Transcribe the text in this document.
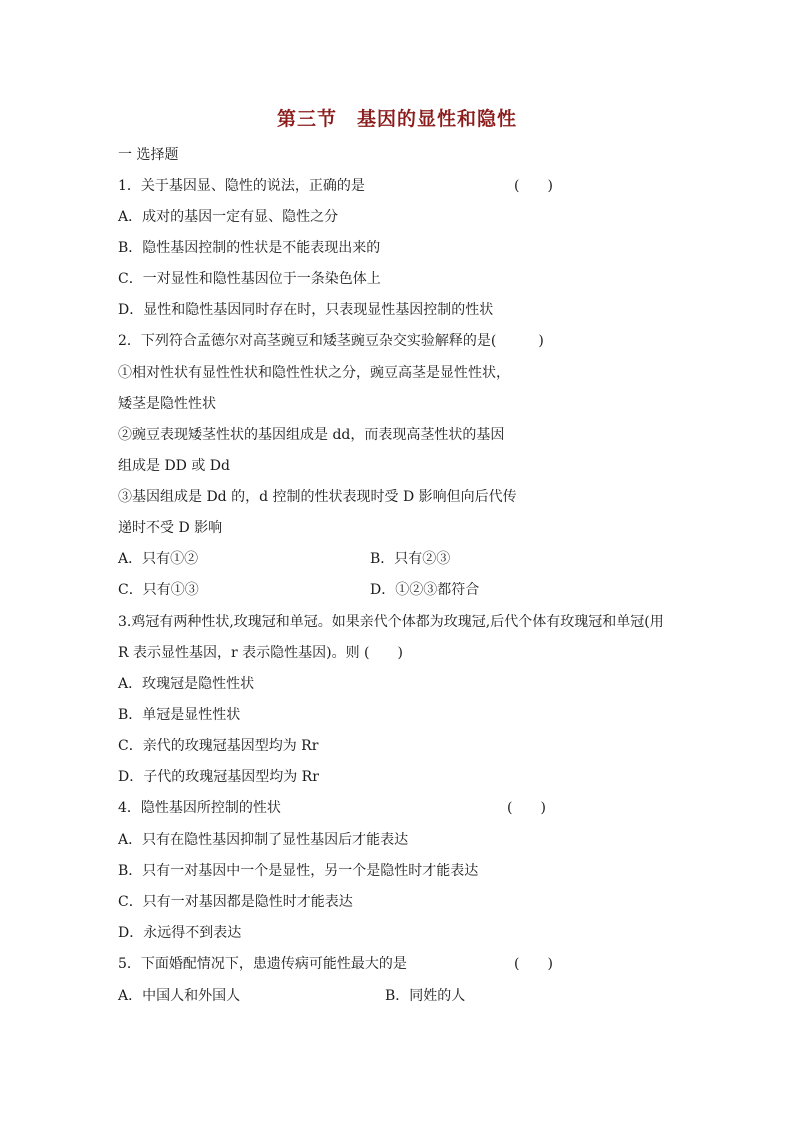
第三节　基因的显性和隐性
一 选择题
1．关于基因显、隐性的说法，正确的是	(　　)
A．成对的基因一定有显、隐性之分
B．隐性基因控制的性状是不能表现出来的
C．一对显性和隐性基因位于一条染色体上
D．显性和隐性基因同时存在时，只表现显性基因控制的性状
2．下列符合孟德尔对高茎豌豆和矮茎豌豆杂交实验解释的是(　　　)
①相对性状有显性性状和隐性性状之分，豌豆高茎是显性性状，
矮茎是隐性性状
②豌豆表现矮茎性状的基因组成是 dd，而表现高茎性状的基因
组成是 DD 或 Dd
③基因组成是 Dd 的，d 控制的性状表现时受 D 影响但向后代传
递时不受 D 影响
A．只有①②	B．只有②③
C．只有①③	D．①②③都符合
3.鸡冠有两种性状,玫瑰冠和单冠。如果亲代个体都为玫瑰冠,后代个体有玫瑰冠和单冠(用
R 表示显性基因，r 表示隐性基因)。则 (　　)
A．玫瑰冠是隐性性状
B．单冠是显性性状
C．亲代的玫瑰冠基因型均为 Rr
D．子代的玫瑰冠基因型均为 Rr
4．隐性基因所控制的性状	(　　)
A．只有在隐性基因抑制了显性基因后才能表达
B．只有一对基因中一个是显性，另一个是隐性时才能表达
C．只有一对基因都是隐性时才能表达
D．永远得不到表达
5．下面婚配情况下，患遗传病可能性最大的是	(　　)
A．中国人和外国人	B．同姓的人
